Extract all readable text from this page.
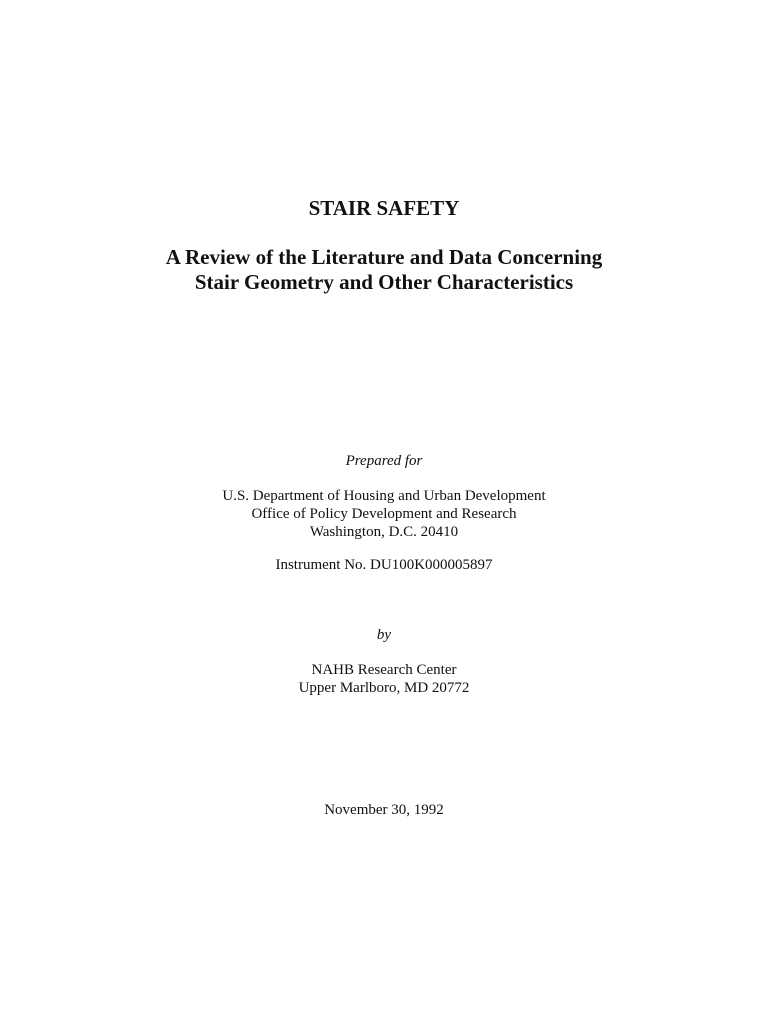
STAIR SAFETY
A Review of the Literature and Data Concerning
Stair Geometry and Other Characteristics
Prepared for
U.S. Department of Housing and Urban Development
Office of Policy Development and Research
Washington, D.C. 20410
Instrument No. DU100K000005897
by
NAHB Research Center
Upper Marlboro, MD 20772
November 30, 1992
